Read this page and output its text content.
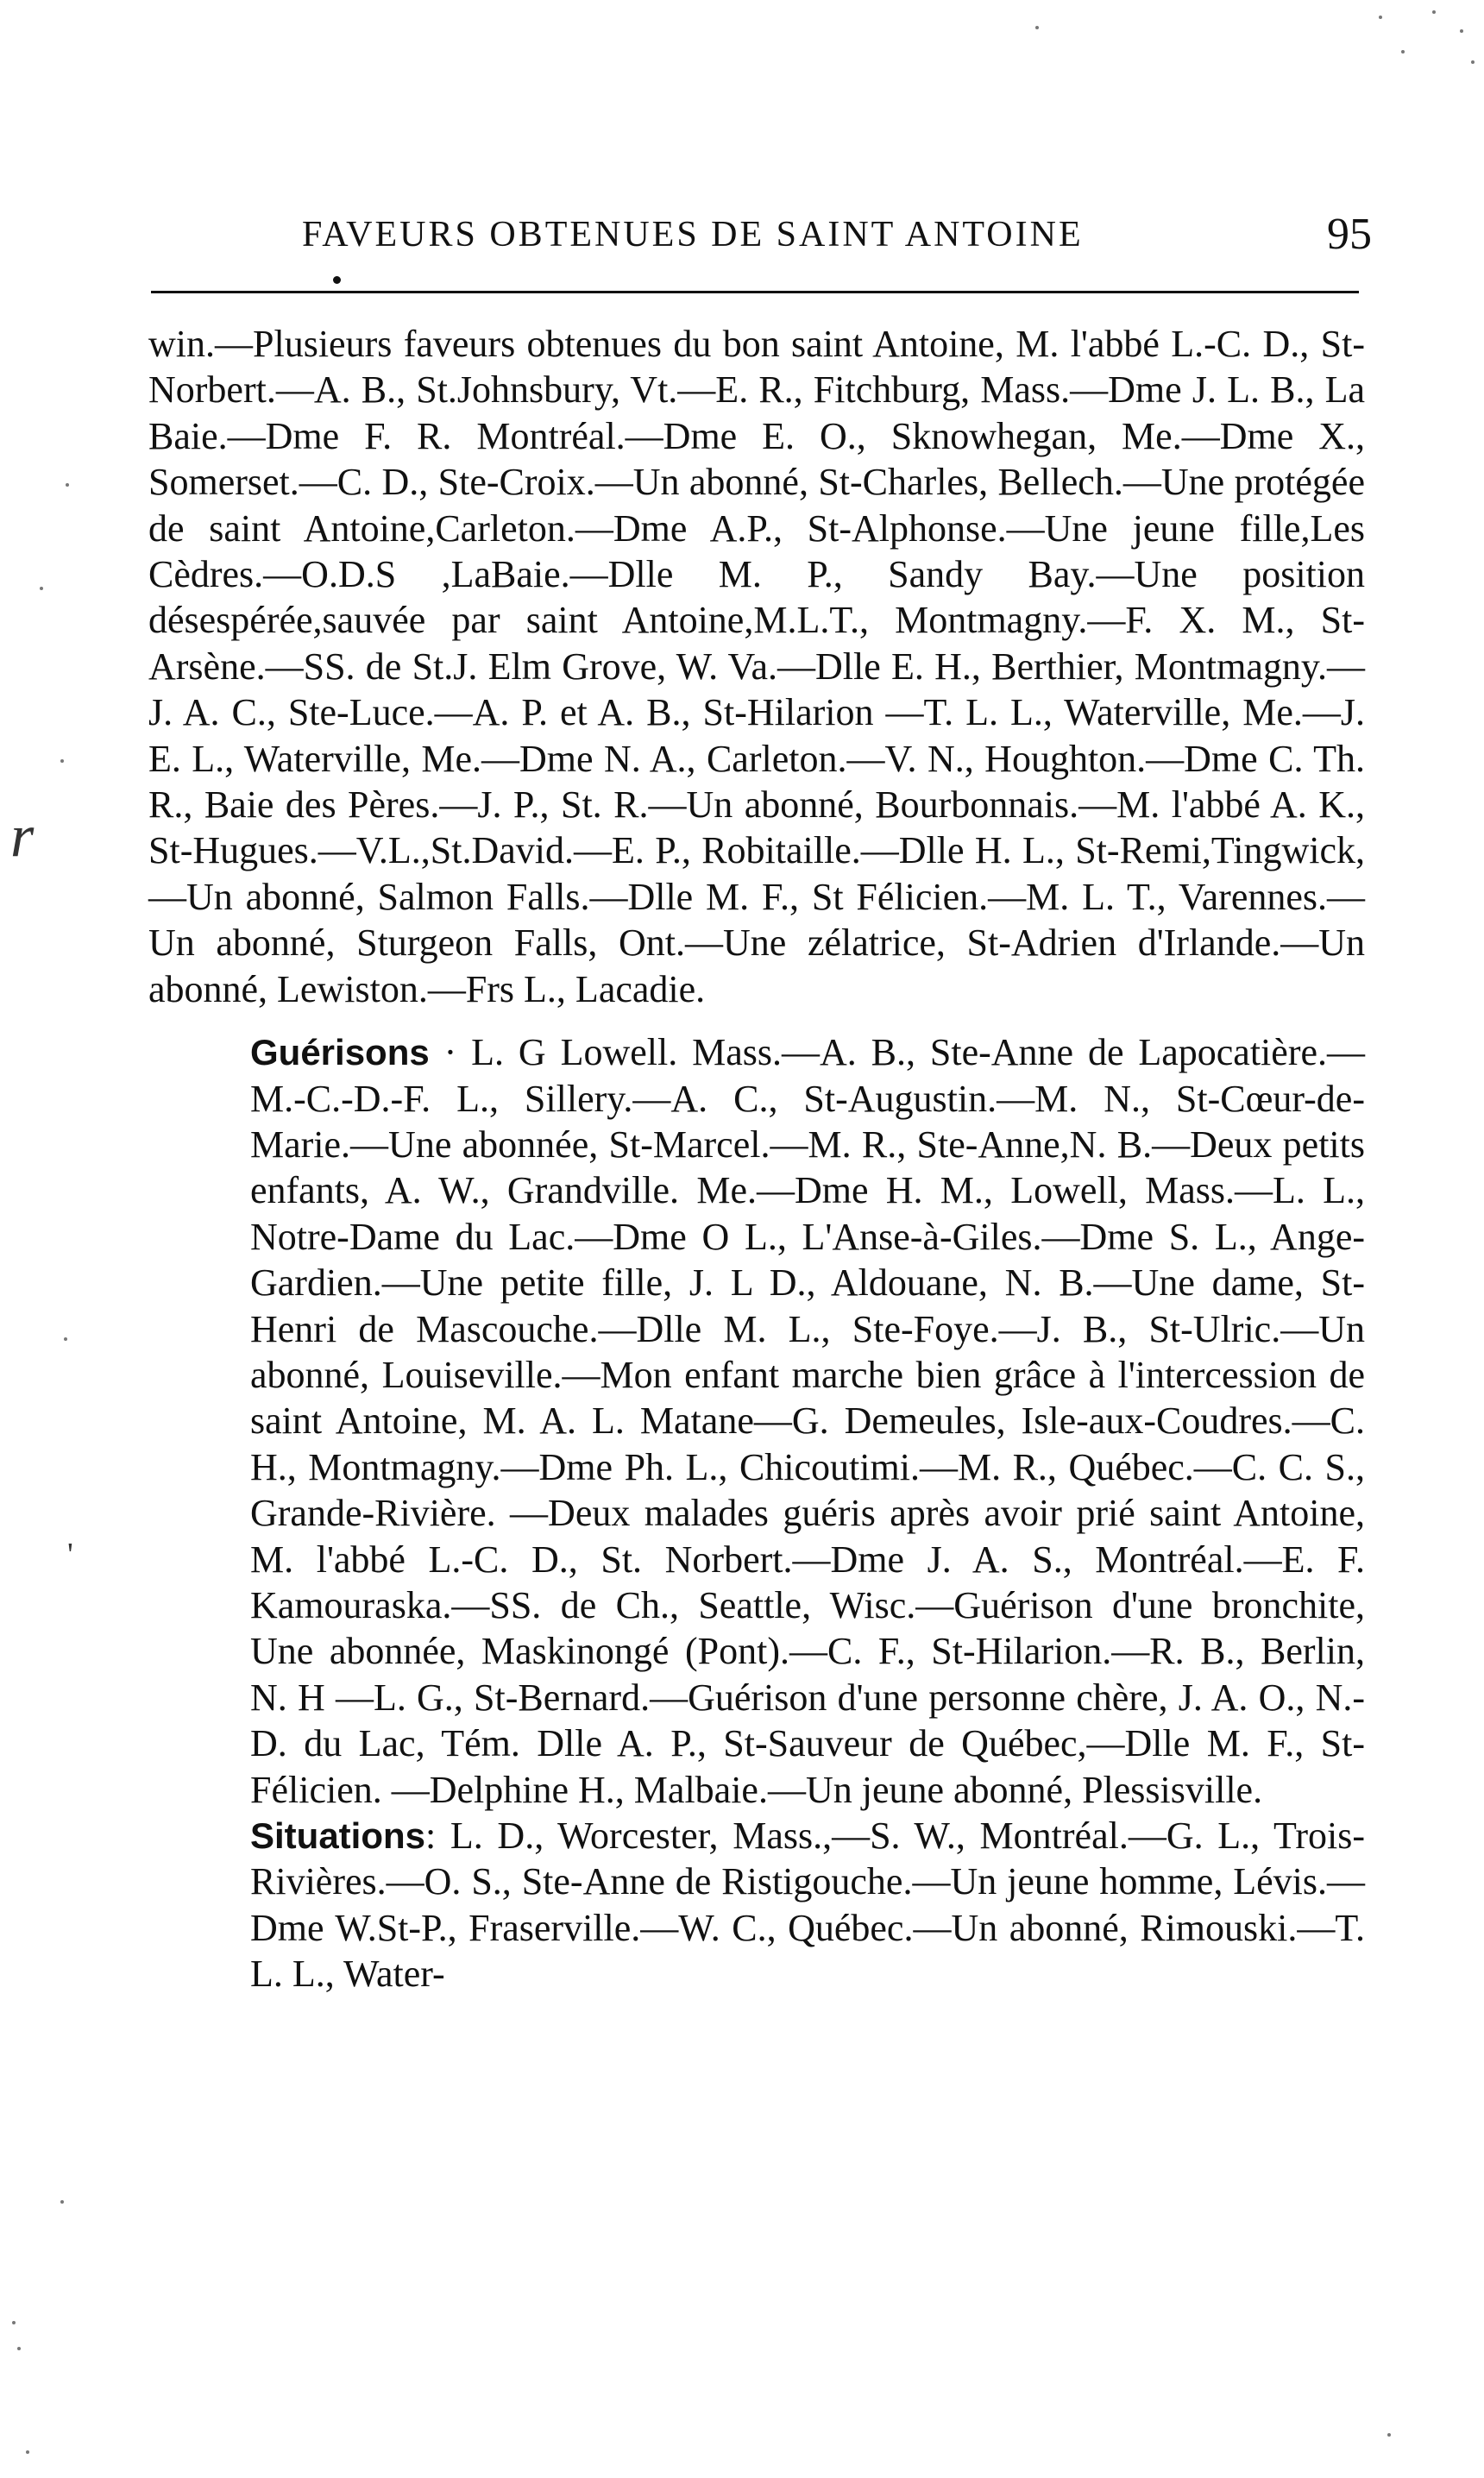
FAVEURS OBTENUES DE SAINT ANTOINE	95

win.—Plusieurs faveurs obtenues du bon saint Antoine, M. l'abbé L.-C. D., St-Norbert.—A. B., St.Johnsbury, Vt.—E. R., Fitchburg, Mass.—Dme J. L. B., La Baie.—Dme F. R. Montréal.—Dme E. O., Sknowhegan, Me.—Dme X., Somerset.—C. D., Ste-Croix.—Un abonné, St-Charles, Bellech.—Une protégée de saint Antoine,Carleton.—Dme A.P., St-Alphonse.—Une jeune fille,Les Cèdres.—O.D.S ,LaBaie.—Dlle M. P., Sandy Bay.—Une position désespérée,sauvée par saint Antoine,M.L.T., Montmagny.—F. X. M., St-Arsène.—SS. de St.J. Elm Grove, W. Va.—Dlle E. H., Berthier, Montmagny.—J. A. C., Ste-Luce.—A. P. et A. B., St-Hilarion —T. L. L., Waterville, Me.—J. E. L., Waterville, Me.—Dme N. A., Carleton.—V. N., Houghton.—Dme C. Th. R., Baie des Pères.—J. P., St. R.—Un abonné, Bourbonnais.—M. l'abbé A. K., St-Hugues.—V.L.,St.David.—E. P., Robitaille.—Dlle H. L., St-Remi,Tingwick,—Un abonné, Salmon Falls.—Dlle M. F., St Félicien.—M. L. T., Varennes.—Un abonné, Sturgeon Falls, Ont.—Une zélatrice, St-Adrien d'Irlande.—Un abonné, Lewiston.—Frs L., Lacadie.

Guérisons · L. G Lowell. Mass.—A. B., Ste-Anne de Lapocatière.—M.-C.-D.-F. L., Sillery.—A. C., St-Augustin.—M. N., St-Cœur-de-Marie.—Une abonnée, St-Marcel.—M. R., Ste-Anne,N. B.—Deux petits enfants, A. W., Grandville. Me.—Dme H. M., Lowell, Mass.—L. L., Notre-Dame du Lac.—Dme O L., L'Anse-à-Giles.—Dme S. L., Ange-Gardien.—Une petite fille, J. L D., Aldouane, N. B.—Une dame, St-Henri de Mascouche.—Dlle M. L., Ste-Foye.—J. B., St-Ulric.—Un abonné, Louiseville.—Mon enfant marche bien grâce à l'intercession de saint Antoine, M. A. L. Matane—G. Demeules, Isle-aux-Coudres.—C. H., Montmagny.—Dme Ph. L., Chicoutimi.—M. R., Québec.—C. C. S., Grande-Rivière. —Deux malades guéris après avoir prié saint Antoine, M. l'abbé L.-C. D., St. Norbert.—Dme J. A. S., Montréal.—E. F. Kamouraska.—SS. de Ch., Seattle, Wisc.—Guérison d'une bronchite, Une abonnée, Maskinongé (Pont).—C. F., St-Hilarion.—R. B., Berlin, N. H —L. G., St-Bernard.—Guérison d'une personne chère, J. A. O., N.-D. du Lac, Tém. Dlle A. P., St-Sauveur de Québec,—Dlle M. F., St-Félicien. —Delphine H., Malbaie.—Un jeune abonné, Plessisville.

Situations: L. D., Worcester, Mass.,—S. W., Montréal.—G. L., Trois-Rivières.—O. S., Ste-Anne de Ristigouche.—Un jeune homme, Lévis.— Dme W.St-P., Fraserville.—W. C., Québec.—Un abonné, Rimouski.—T. L. L., Water-

r
'
